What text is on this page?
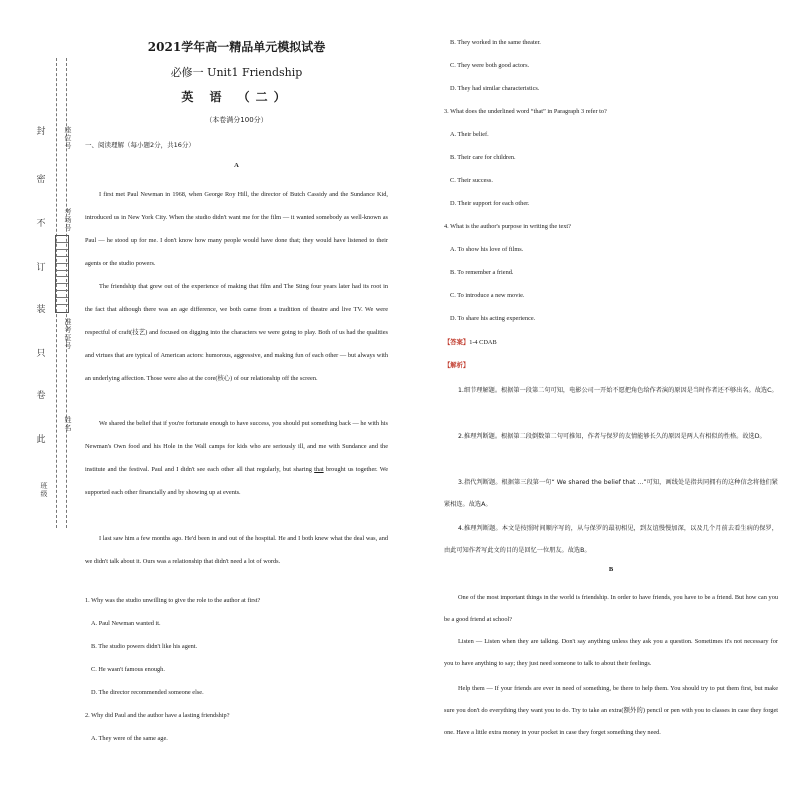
封
密
不
订
装
只
卷
此
座位号
考场号
准考证号
姓名
班级
2021学年高一精品单元模拟试卷
必修一 Unit1 Friendship
英 语 （二）
（本卷满分100分）
一、阅读理解（每小题2分，共16分）
A
I first met Paul Newman in 1968, when George Roy Hill, the director of Butch Cassidy and the Sundance Kid, introduced us in New York City. When the studio didn't want me for the film — it wanted somebody as well-known as Paul — he stood up for me. I don't know how many people would have done that; they would have listened to their agents or the studio powers.
The friendship that grew out of the experience of making that film and The Sting four years later had its root in the fact that although there was an age difference, we both came from a tradition of theatre and live TV. We were respectful of craft(技艺) and focused on digging into the characters we were going to play. Both of us had the qualities and virtues that are typical of American actors: humorous, aggressive, and making fun of each other — but always with an underlying affection. Those were also at the core(核心) of our relationship off the screen.
We shared the belief that if you're fortunate enough to have success, you should put something back — he with his Newman's Own food and his Hole in the Wall camps for kids who are seriously ill, and me with Sundance and the institute and the festival. Paul and I didn't see each other all that regularly, but sharing that brought us together. We supported each other financially and by showing up at events.
I last saw him a few months ago. He'd been in and out of the hospital. He and I both knew what the deal was, and we didn't talk about it. Ours was a relationship that didn't need a lot of words.
1. Why was the studio unwilling to give the role to the author at first?
A. Paul Newman wanted it.
B. The studio powers didn't like his agent.
C. He wasn't famous enough.
D. The director recommended someone else.
2. Why did Paul and the author have a lasting friendship?
A. They were of the same age.
B. They worked in the same theater.
C. They were both good actors.
D. They had similar characteristics.
3. What does the underlined word “that” in Paragraph 3 refer to?
A. Their belief.
B. Their care for children.
C. Their success.
D. Their support for each other.
4. What is the author's purpose in writing the text?
A. To show his love of films.
B. To remember a friend.
C. To introduce a new movie.
D. To share his acting experience.
【答案】1-4 CDAB
【解析】
1.细节理解题。根据第一段第二句可知，电影公司一开始不愿把角色给作者演的原因是当时作者还不够出名。故选C。
2.推理判断题。根据第二段倒数第二句可推知，作者与保罗的友情能够长久的原因是两人有相似的性格。故选D。
3.指代判断题。根据第三段第一句“ We shared the belief that ...”可知，画线处是指共同拥有的这种信念将他们紧紧相连。故选A。
4.推理判断题。本文是按照时间顺序写的，从与保罗的最初相见，到友谊慢慢加深，以及几个月前去看生病的保罗，由此可知作者写此文的目的是回忆一位朋友。故选B。
B
One of the most important things in the world is friendship. In order to have friends, you have to be a friend. But how can you be a good friend at school?
Listen — Listen when they are talking. Don't say anything unless they ask you a question. Sometimes it's not necessary for you to have anything to say; they just need someone to talk to about their feelings.
Help them — If your friends are ever in need of something, be there to help them. You should try to put them first, but make sure you don't do everything they want you to do. Try to take an extra(额外的) pencil or pen with you to classes in case they forget one. Have a little extra money in your pocket in case they forget something they need.
